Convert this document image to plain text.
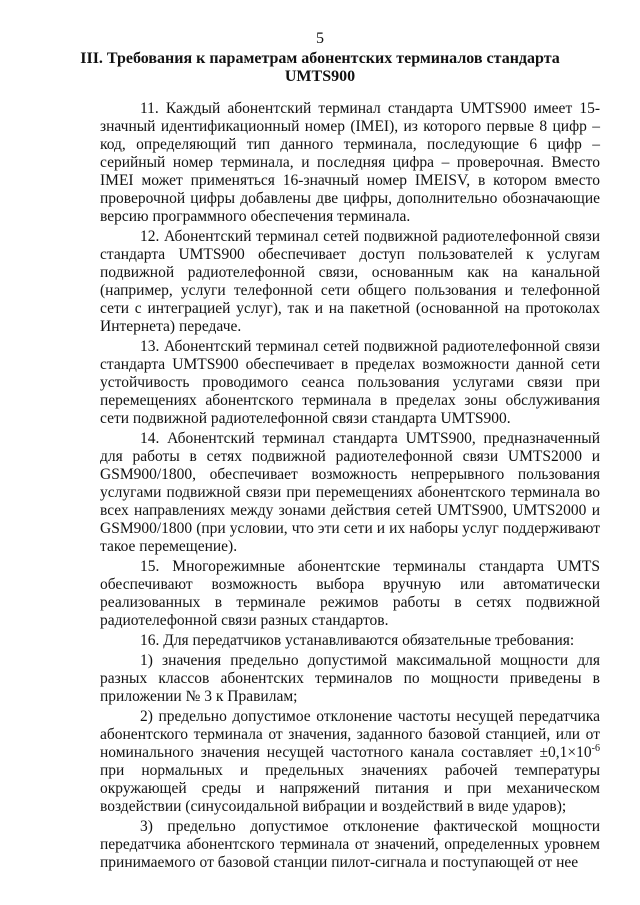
5
III. Требования к параметрам абонентских терминалов стандарта UMTS900

11. Каждый абонентский терминал стандарта UMTS900 имеет 15-значный идентификационный номер (IMEI), из которого первые 8 цифр – код, определяющий тип данного терминала, последующие 6 цифр – серийный номер терминала, и последняя цифра – проверочная. Вместо IMEI может применяться 16-значный номер IMEISV, в котором вместо проверочной цифры добавлены две цифры, дополнительно обозначающие версию программного обеспечения терминала.

12. Абонентский терминал сетей подвижной радиотелефонной связи стандарта UMTS900 обеспечивает доступ пользователей к услугам подвижной радиотелефонной связи, основанным как на канальной (например, услуги телефонной сети общего пользования и телефонной сети с интеграцией услуг), так и на пакетной (основанной на протоколах Интернета) передаче.

13. Абонентский терминал сетей подвижной радиотелефонной связи стандарта UMTS900 обеспечивает в пределах возможности данной сети устойчивость проводимого сеанса пользования услугами связи при перемещениях абонентского терминала в пределах зоны обслуживания сети подвижной радиотелефонной связи стандарта UMTS900.

14. Абонентский терминал стандарта UMTS900, предназначенный для работы в сетях подвижной радиотелефонной связи UMTS2000 и GSM900/1800, обеспечивает возможность непрерывного пользования услугами подвижной связи при перемещениях абонентского терминала во всех направлениях между зонами действия сетей UMTS900, UMTS2000 и GSM900/1800 (при условии, что эти сети и их наборы услуг поддерживают такое перемещение).

15. Многорежимные абонентские терминалы стандарта UMTS обеспечивают возможность выбора вручную или автоматически реализованных в терминале режимов работы в сетях подвижной радиотелефонной связи разных стандартов.

16. Для передатчиков устанавливаются обязательные требования:

1) значения предельно допустимой максимальной мощности для разных классов абонентских терминалов по мощности приведены в приложении № 3 к Правилам;

2) предельно допустимое отклонение частоты несущей передатчика абонентского терминала от значения, заданного базовой станцией, или от номинального значения несущей частотного канала составляет $\pm 0,1\times 10^{-6}$ при нормальных и предельных значениях рабочей температуры окружающей среды и напряжений питания и при механическом воздействии (синусоидальной вибрации и воздействий в виде ударов);

3) предельно допустимое отклонение фактической мощности передатчика абонентского терминала от значений, определенных уровнем принимаемого от базовой станции пилот-сигнала и поступающей от нее
